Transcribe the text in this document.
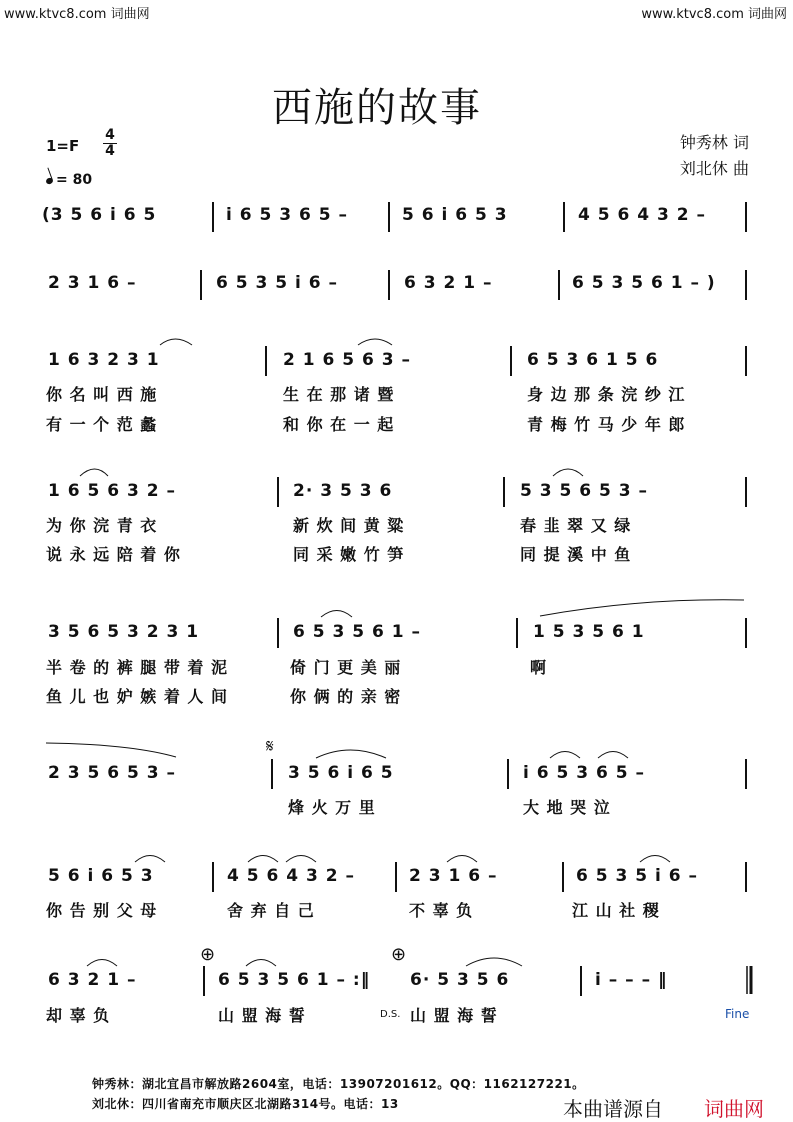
www.ktvc8.com 词曲网	www.ktvc8.com 词曲网
西施的故事
1=F
4
4
= 80
钟秀林 词
刘北休 曲
(3 5 6 i 6 5	i 6 5 3 6 5 –	5 6 i 6 5 3	4 5 6 4 3 2 –
2 3 1 6 –	6 5 3 5 i 6 –	6 3 2 1 –	6 5 3 5 6 1 – )
1 6 3 2 3 1	2 1 6 5 6 3 –	6 5 3 6 1 5 6
你 名 叫 西 施	生 在 那 诸 暨	身 边 那 条 浣 纱 江
有 一 个 范 蠡	和 你 在 一 起	青 梅 竹 马 少 年 郎
1 6 5 6 3 2 –	2· 3 5 3 6	5 3 5 6 5 3 –
为 你 浣 青 衣	新 炊 间 黄 粱	春 韭 翠 又 绿
说 永 远 陪 着 你	同 采 嫩 竹 笋	同 提 溪 中 鱼
3 5 6 5 3 2 3 1	6 5 3 5 6 1 –	1 5 3 5 6 1
半 卷 的 裤 腿 带 着 泥	倚 门 更 美 丽	啊
鱼 儿 也 妒 嫉 着 人 间	你 俩 的 亲 密
𝄋
2 3 5 6 5 3 –	3 5 6 i 6 5	i 6 5 3 6 5 –
烽 火 万 里	大 地 哭 泣
5 6 i 6 5 3	4 5 6 4 3 2 –	2 3 1 6 –	6 5 3 5 i 6 –
你 告 别 父 母	舍 弃 自 己	不 辜 负	江 山 社 稷
⊕	⊕
6 3 2 1 –	6 5 3 5 6 1 – :‖ 6· 5 3 5 6	i – – – ‖
却 辜 负	山 盟 海 誓	山 盟 海 誓
D.S.	Fine
钟秀林：湖北宜昌市解放路2604室，电话：13907201612。QQ：1162127221。
刘北休：四川省南充市顺庆区北湖路314号。电话：13	本曲谱源自 词曲网
